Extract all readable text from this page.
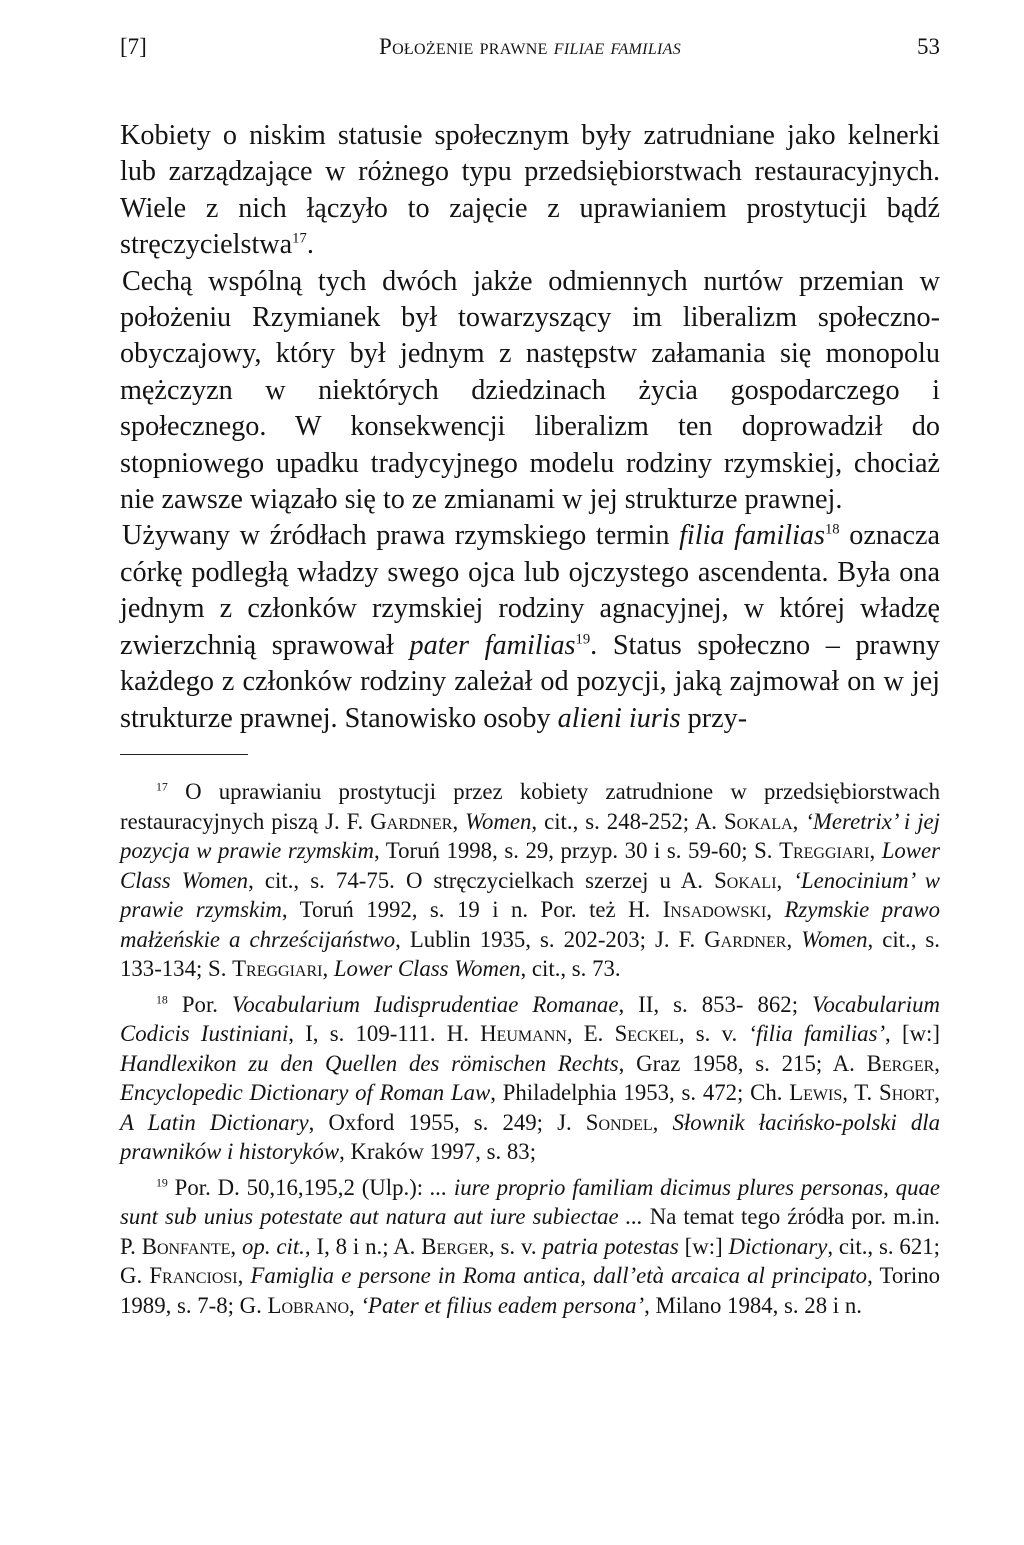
[7]	Położenie prawne filiae familias	53

Kobiety o niskim statusie społecznym były zatrudniane jako kelnerki lub zarządzające w różnego typu przedsiębiorstwach restauracyjnych. Wiele z nich łączyło to zajęcie z uprawianiem prostytucji bądź stręczycielstwa$^{17}$.

Cechą wspólną tych dwóch jakże odmiennych nurtów przemian w położeniu Rzymianek był towarzyszący im liberalizm społeczno-obyczajowy, który był jednym z następstw załamania się monopolu mężczyzn w niektórych dziedzinach życia gospodarczego i społecznego. W konsekwencji liberalizm ten doprowadził do stopniowego upadku tradycyjnego modelu rodziny rzymskiej, chociaż nie zawsze wiązało się to ze zmianami w jej strukturze prawnej.

Używany w źródłach prawa rzymskiego termin filia familias$^{18}$ oznacza córkę podległą władzy swego ojca lub ojczystego ascendenta. Była ona jednym z członków rzymskiej rodziny agnacyjnej, w której władzę zwierzchnią sprawował pater familias$^{19}$. Status społeczno – prawny każdego z członków rodziny zależał od pozycji, jaką zajmował on w jej strukturze prawnej. Stanowisko osoby alieni iuris przy-

$^{17}$ O uprawianiu prostytucji przez kobiety zatrudnione w przedsiębiorstwach restauracyjnych piszą J. F. Gardner, Women, cit., s. 248-252; A. Sokala, ‘Meretrix’ i jej pozycja w prawie rzymskim, Toruń 1998, s. 29, przyp. 30 i s. 59-60; S. Treggiari, Lower Class Women, cit., s. 74-75. O stręczycielkach szerzej u A. Sokali, ‘Lenocinium’ w prawie rzymskim, Toruń 1992, s. 19 i n. Por. też H. Insadowski, Rzymskie prawo małżeńskie a chrześcijaństwo, Lublin 1935, s. 202-203; J. F. Gardner, Women, cit., s. 133-134; S. Treggiari, Lower Class Women, cit., s. 73.

$^{18}$ Por. Vocabularium Iudisprudentiae Romanae, II, s. 853- 862; Vocabularium Codicis Iustiniani, I, s. 109-111. H. Heumann, E. Seckel, s. v. ‘filia familias’, [w:] Handlexikon zu den Quellen des römischen Rechts, Graz 1958, s. 215; A. Berger, Encyclopedic Dictionary of Roman Law, Philadelphia 1953, s. 472; Ch. Lewis, T. Short, A Latin Dictionary, Oxford 1955, s. 249; J. Sondel, Słownik łacińsko-polski dla prawników i historyków, Kraków 1997, s. 83;

$^{19}$ Por. D. 50,16,195,2 (Ulp.): ... iure proprio familiam dicimus plures personas, quae sunt sub unius potestate aut natura aut iure subiectae ... Na temat tego źródła por. m.in. P. Bonfante, op. cit., I, 8 i n.; A. Berger, s. v. patria potestas [w:] Dictionary, cit., s. 621; G. Franciosi, Famiglia e persone in Roma antica, dall’età arcaica al principato, Torino 1989, s. 7-8; G. Lobrano, ‘Pater et filius eadem persona’, Milano 1984, s. 28 i n.
